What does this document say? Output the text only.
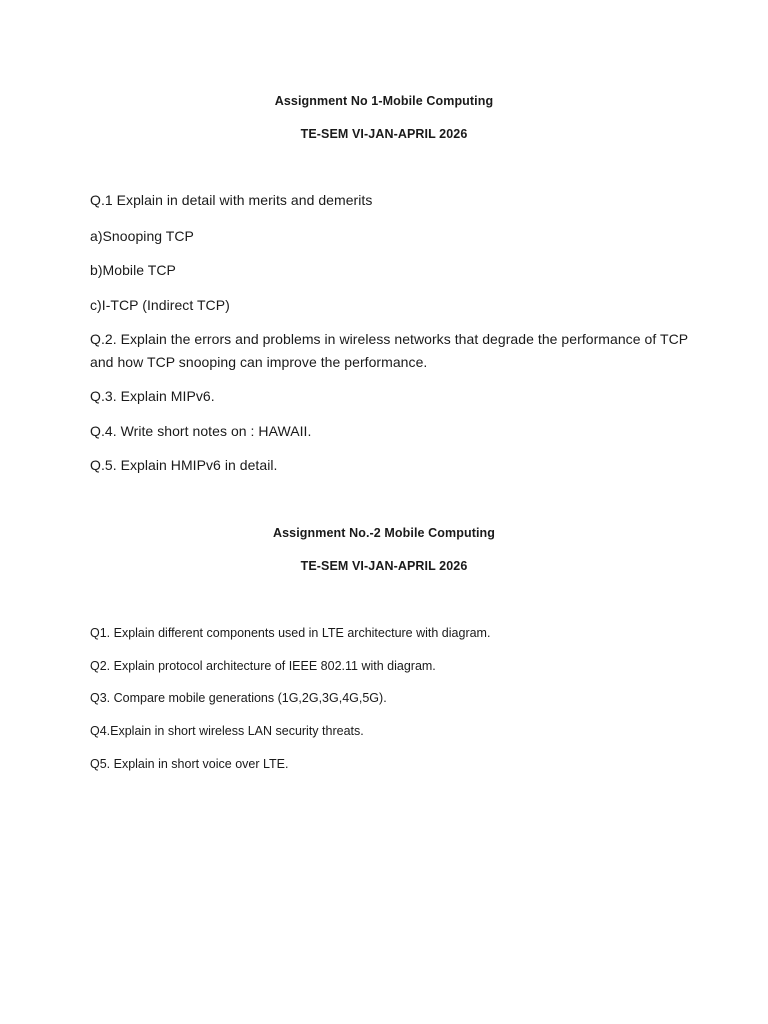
Assignment No 1-Mobile Computing
TE-SEM VI-JAN-APRIL 2026
Q.1 Explain in detail with merits and demerits
a)Snooping TCP
b)Mobile TCP
c)I-TCP (Indirect TCP)
Q.2. Explain the errors and problems in wireless networks that degrade the performance of TCP
and how TCP snooping can improve the performance.
Q.3. Explain MIPv6.
Q.4. Write short notes on : HAWAII.
Q.5. Explain HMIPv6 in detail.
Assignment No.-2 Mobile Computing
TE-SEM VI-JAN-APRIL 2026
Q1. Explain different components used in LTE architecture with diagram.
Q2. Explain protocol architecture of IEEE 802.11 with diagram.
Q3. Compare mobile generations (1G,2G,3G,4G,5G).
Q4.Explain in short wireless LAN security threats.
Q5. Explain in short voice over LTE.
